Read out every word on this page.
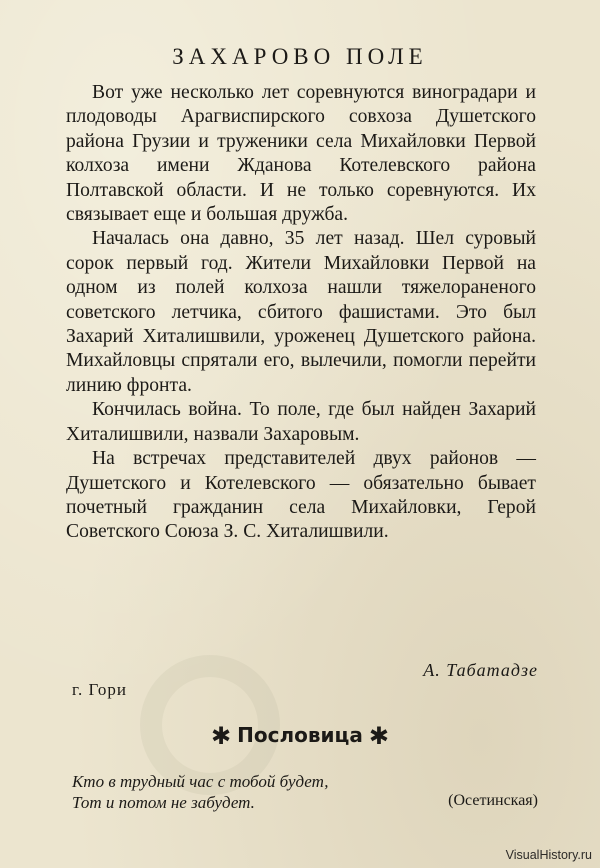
ЗАХАРОВО ПОЛЕ

Вот уже несколько лет соревнуются виноградари и плодоводы Арагвиспирского совхоза Душетского района Грузии и труженики села Михайловки Первой колхоза имени Жданова Котелевского района Полтавской области. И не только соревнуются. Их связывает еще и большая дружба.

Началась она давно, 35 лет назад. Шел суровый сорок первый год. Жители Михайловки Первой на одном из полей колхоза нашли тяжелораненого советского летчика, сбитого фашистами. Это был Захарий Хиталишвили, уроженец Душетского района. Михайловцы спрятали его, вылечили, помогли перейти линию фронта.

Кончилась война. То поле, где был найден Захарий Хиталишвили, назвали Захаровым.

На встречах представителей двух районов — Душетского и Котелевского — обязательно бывает почетный гражданин села Михайловки, Герой Советского Союза З. С. Хиталишвили.

А. Табатадзе
г. Гори
✱ Пословица ✱
Кто в трудный час с тобой будет,
Тот и потом не забудет.	(Осетинская)
VisualHistory.ru
